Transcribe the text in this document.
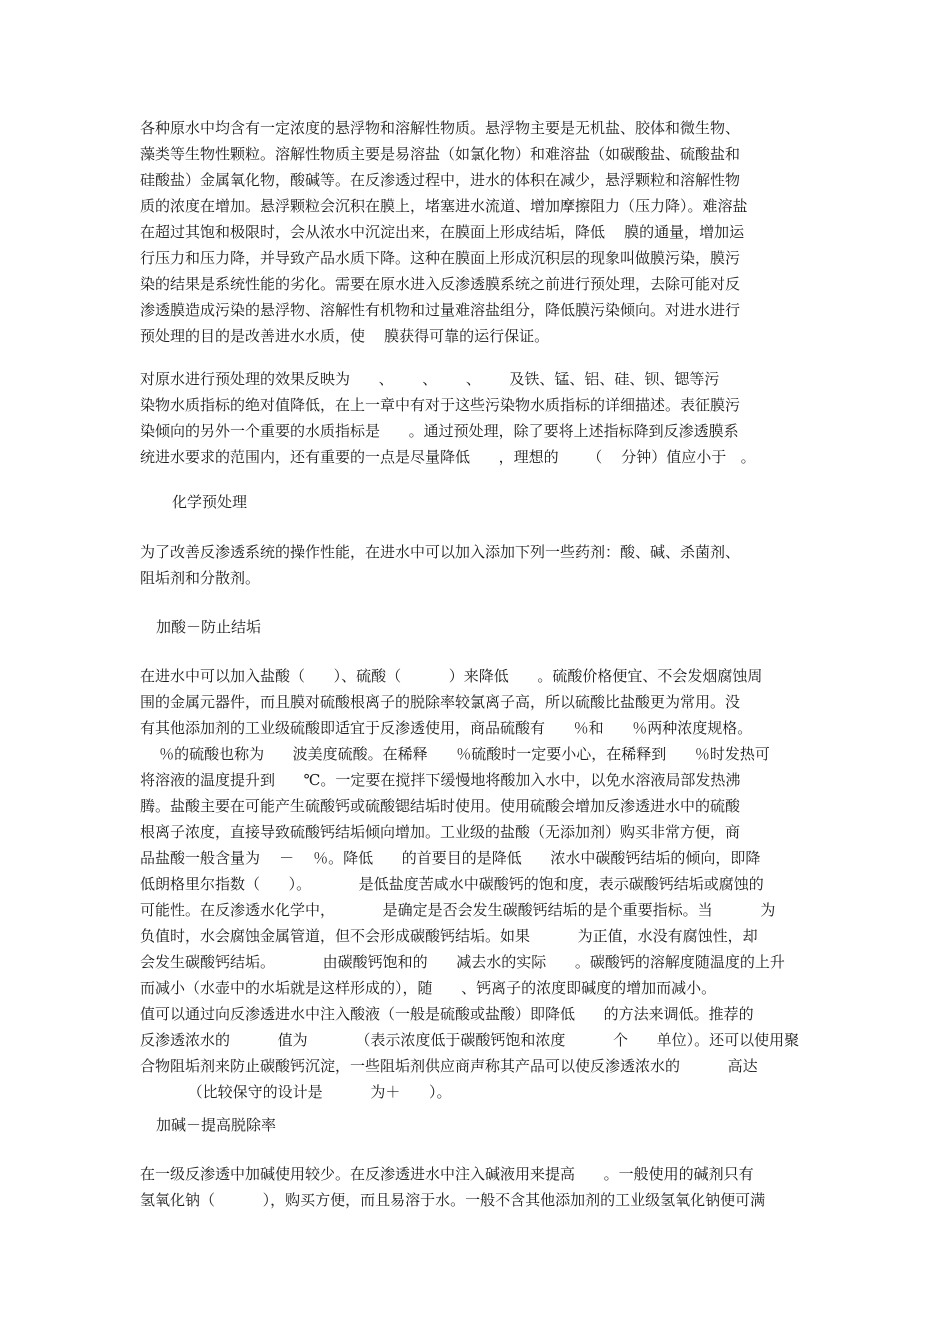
各种原水中均含有一定浓度的悬浮物和溶解性物质。悬浮物主要是无机盐、胶体和微生物、
藻类等生物性颗粒。溶解性物质主要是易溶盐（如氯化物）和难溶盐（如碳酸盐、硫酸盐和
硅酸盐）金属氧化物，酸碱等。在反渗透过程中，进水的体积在减少，悬浮颗粒和溶解性物
质的浓度在增加。悬浮颗粒会沉积在膜上，堵塞进水流道、增加摩擦阻力（压力降）。难溶盐
在超过其饱和极限时，会从浓水中沉淀出来，在膜面上形成结垢，降低    膜的通量，增加运
行压力和压力降，并导致产品水质下降。这种在膜面上形成沉积层的现象叫做膜污染，膜污
染的结果是系统性能的劣化。需要在原水进入反渗透膜系统之前进行预处理，去除可能对反
渗透膜造成污染的悬浮物、溶解性有机物和过量难溶盐组分，降低膜污染倾向。对进水进行
预处理的目的是改善进水水质，使    膜获得可靠的运行保证。
对原水进行预处理的效果反映为      、      、      、      及铁、锰、铝、硅、钡、锶等污
染物水质指标的绝对值降低，在上一章中有对于这些污染物水质指标的详细描述。表征膜污
染倾向的另外一个重要的水质指标是      。通过预处理，除了要将上述指标降到反渗透膜系
统进水要求的范围内，还有重要的一点是尽量降低      ，理想的      （    分钟）值应小于   。
化学预处理
为了改善反渗透系统的操作性能，在进水中可以加入添加下列一些药剂：酸、碱、杀菌剂、
阻垢剂和分散剂。
加酸－防止结垢
在进水中可以加入盐酸（      ）、硫酸（          ）来降低      。硫酸价格便宜、不会发烟腐蚀周
围的金属元器件，而且膜对硫酸根离子的脱除率较氯离子高，所以硫酸比盐酸更为常用。没
有其他添加剂的工业级硫酸即适宜于反渗透使用，商品硫酸有      ％和      ％两种浓度规格。
％的硫酸也称为      波美度硫酸。在稀释      ％硫酸时一定要小心，在稀释到      ％时发热可
将溶液的温度提升到      ℃。一定要在搅拌下缓慢地将酸加入水中，以免水溶液局部发热沸
腾。盐酸主要在可能产生硫酸钙或硫酸锶结垢时使用。使用硫酸会增加反渗透进水中的硫酸
根离子浓度，直接导致硫酸钙结垢倾向增加。工业级的盐酸（无添加剂）购买非常方便，商
品盐酸一般含量为    －    ％。降低      的首要目的是降低      浓水中碳酸钙结垢的倾向，即降
低朗格里尔指数（      ）。          是低盐度苦咸水中碳酸钙的饱和度，表示碳酸钙结垢或腐蚀的
可能性。在反渗透水化学中，          是确定是否会发生碳酸钙结垢的是个重要指标。当          为
负值时，水会腐蚀金属管道，但不会形成碳酸钙结垢。如果          为正值，水没有腐蚀性，却
会发生碳酸钙结垢。          由碳酸钙饱和的      减去水的实际      。碳酸钙的溶解度随温度的上升
而减小（水壶中的水垢就是这样形成的），随      、钙离子的浓度即碱度的增加而减小。
值可以通过向反渗透进水中注入酸液（一般是硫酸或盐酸）即降低      的方法来调低。推荐的
反渗透浓水的          值为          （表示浓度低于碳酸钙饱和浓度          个      单位）。还可以使用聚
合物阻垢剂来防止碳酸钙沉淀，一些阻垢剂供应商声称其产品可以使反渗透浓水的          高达
（比较保守的设计是          为＋      ）。
加碱－提高脱除率
在一级反渗透中加碱使用较少。在反渗透进水中注入碱液用来提高      。一般使用的碱剂只有
氢氧化钠（          ），购买方便，而且易溶于水。一般不含其他添加剂的工业级氢氧化钠便可满
